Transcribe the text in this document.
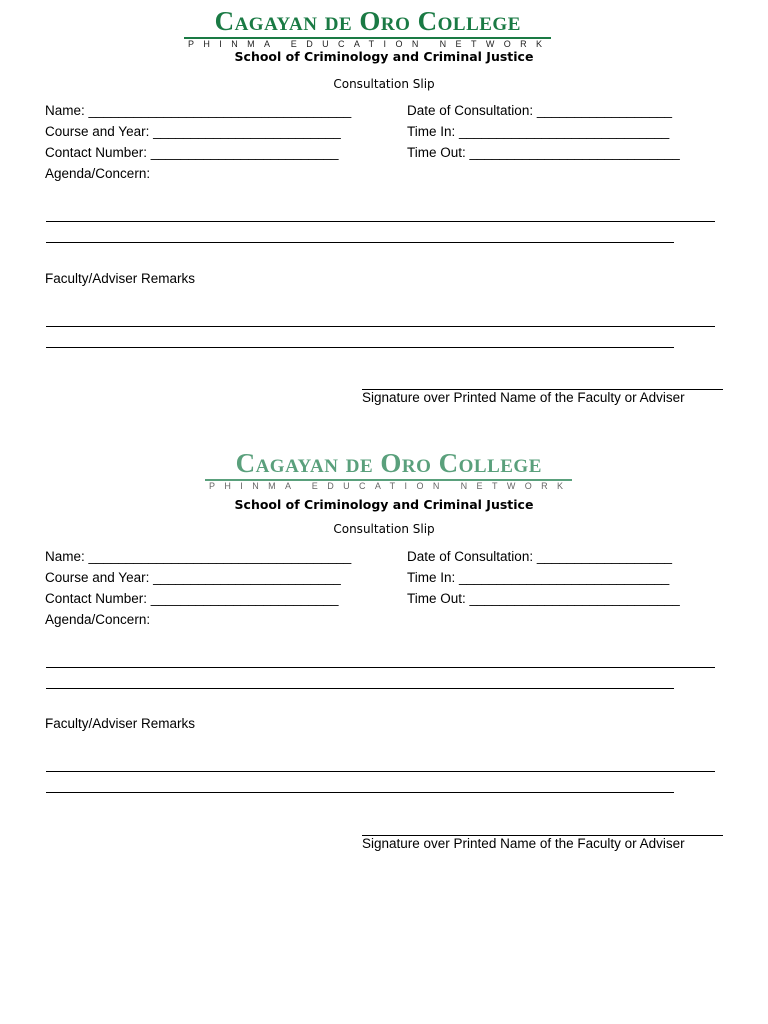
Cagayan de Oro College
PHINMA EDUCATION NETWORK
School of Criminology and Criminal Justice
Consultation Slip
Name: ___________________________________	Date of Consultation: __________________
Course and Year: _________________________	Time In: ____________________________
Contact Number: _________________________	Time Out: ____________________________
Agenda/Concern:
Faculty/Adviser Remarks
Signature over Printed Name of the Faculty or Adviser
Cagayan de Oro College
PHINMA EDUCATION NETWORK
School of Criminology and Criminal Justice
Consultation Slip
Name: ___________________________________	Date of Consultation: __________________
Course and Year: _________________________	Time In: ____________________________
Contact Number: _________________________	Time Out: ____________________________
Agenda/Concern:
Faculty/Adviser Remarks
Signature over Printed Name of the Faculty or Adviser
